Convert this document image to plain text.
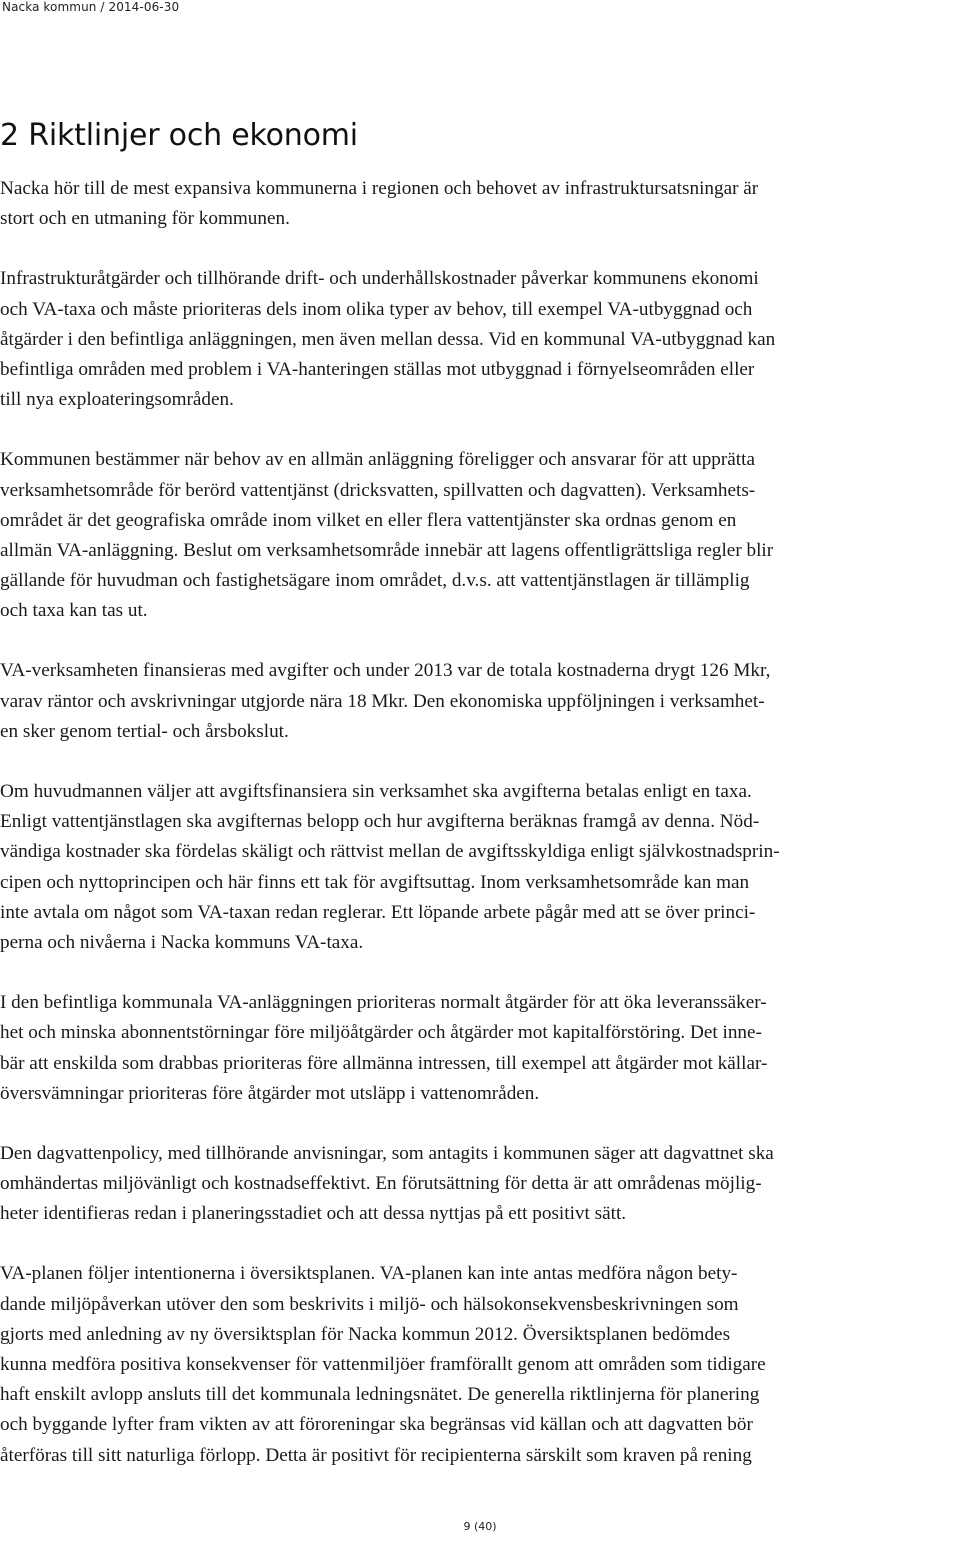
Nacka kommun / 2014-06-30
2 Riktlinjer och ekonomi

Nacka hör till de mest expansiva kommunerna i regionen och behovet av infrastruktursatsningar är
stort och en utmaning för kommunen.

Infrastrukturåtgärder och tillhörande drift- och underhållskostnader påverkar kommunens ekonomi
och VA-taxa och måste prioriteras dels inom olika typer av behov, till exempel VA-utbyggnad och
åtgärder i den befintliga anläggningen, men även mellan dessa. Vid en kommunal VA-utbyggnad kan
befintliga områden med problem i VA-hanteringen ställas mot utbyggnad i förnyelseområden eller
till nya exploateringsområden.

Kommunen bestämmer när behov av en allmän anläggning föreligger och ansvarar för att upprätta
verksamhetsområde för berörd vattentjänst (dricksvatten, spillvatten och dagvatten). Verksamhets-
området är det geografiska område inom vilket en eller flera vattentjänster ska ordnas genom en
allmän VA-anläggning. Beslut om verksamhetsområde innebär att lagens offentligrättsliga regler blir
gällande för huvudman och fastighetsägare inom området, d.v.s. att vattentjänstlagen är tillämplig
och taxa kan tas ut.

VA-verksamheten finansieras med avgifter och under 2013 var de totala kostnaderna drygt 126 Mkr,
varav räntor och avskrivningar utgjorde nära 18 Mkr. Den ekonomiska uppföljningen i verksamhet-
en sker genom tertial- och årsbokslut.

Om huvudmannen väljer att avgiftsfinansiera sin verksamhet ska avgifterna betalas enligt en taxa.
Enligt vattentjänstlagen ska avgifternas belopp och hur avgifterna beräknas framgå av denna. Nöd-
vändiga kostnader ska fördelas skäligt och rättvist mellan de avgiftsskyldiga enligt självkostnadsprin-
cipen och nyttoprincipen och här finns ett tak för avgiftsuttag. Inom verksamhetsområde kan man
inte avtala om något som VA-taxan redan reglerar. Ett löpande arbete pågår med att se över princi-
perna och nivåerna i Nacka kommuns VA-taxa.

I den befintliga kommunala VA-anläggningen prioriteras normalt åtgärder för att öka leveranssäker-
het och minska abonnentstörningar före miljöåtgärder och åtgärder mot kapitalförstöring. Det inne-
bär att enskilda som drabbas prioriteras före allmänna intressen, till exempel att åtgärder mot källar-
översvämningar prioriteras före åtgärder mot utsläpp i vattenområden.

Den dagvattenpolicy, med tillhörande anvisningar, som antagits i kommunen säger att dagvattnet ska
omhändertas miljövänligt och kostnadseffektivt. En förutsättning för detta är att områdenas möjlig-
heter identifieras redan i planeringsstadiet och att dessa nyttjas på ett positivt sätt.

VA-planen följer intentionerna i översiktsplanen. VA-planen kan inte antas medföra någon bety-
dande miljöpåverkan utöver den som beskrivits i miljö- och hälsokonsekvensbeskrivningen som
gjorts med anledning av ny översiktsplan för Nacka kommun 2012. Översiktsplanen bedömdes
kunna medföra positiva konsekvenser för vattenmiljöer framförallt genom att områden som tidigare
haft enskilt avlopp ansluts till det kommunala ledningsnätet. De generella riktlinjerna för planering
och byggande lyfter fram vikten av att föroreningar ska begränsas vid källan och att dagvatten bör
återföras till sitt naturliga förlopp. Detta är positivt för recipienterna särskilt som kraven på rening

9 (40)
